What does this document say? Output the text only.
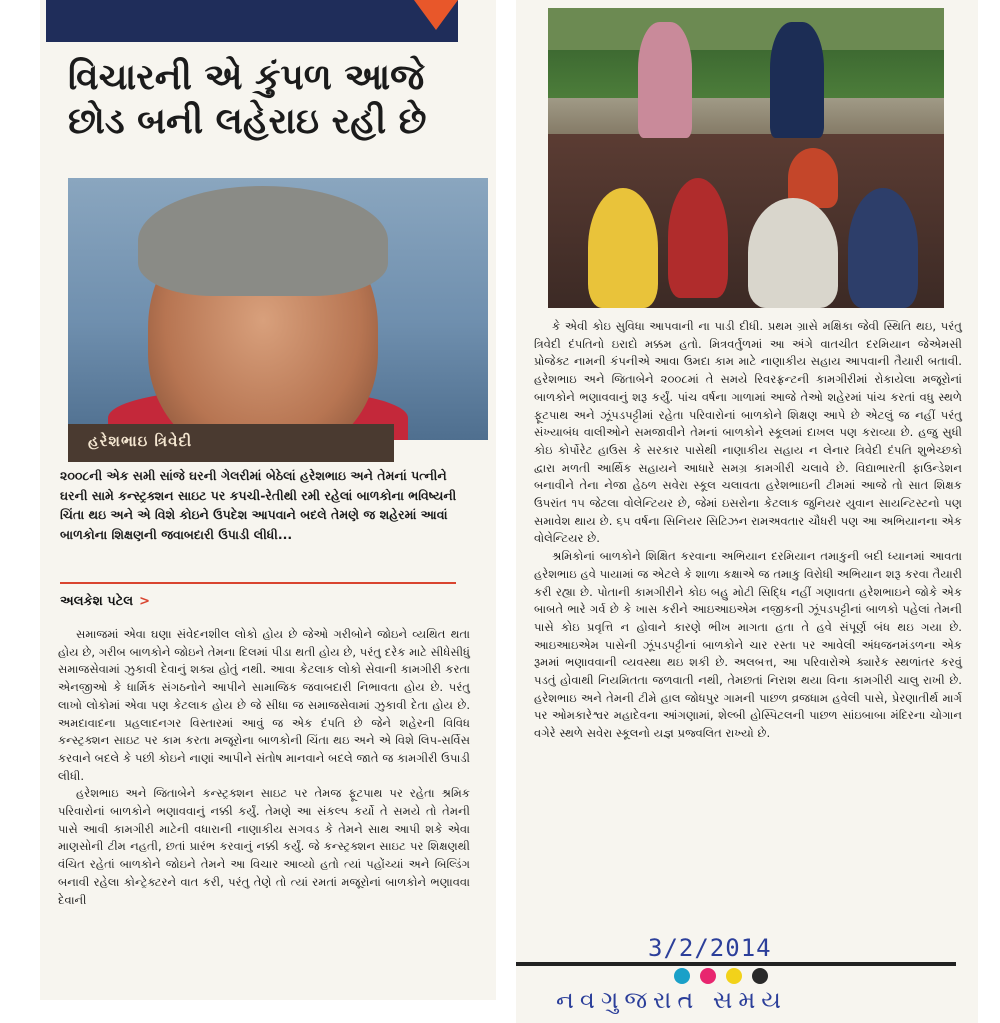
વિચારની એ કુંપળ આજે છોડ બની લહેરાઇ રહી છે
હરેશભાઇ ત્રિવેદી

૨૦૦૮ની એક સમી સાંજે ઘરની ગેલરીમાં બેઠેલાં હરેશભાઇ અને તેમનાં પત્નીને ઘરની સામે કન્સ્ટ્રક્શન સાઇટ પર કપચી-રેતીથી રમી રહેલાં બાળકોના ભવિષ્યની ચિંતા થઇ અને એ વિશે કોઇને ઉપદેશ આપવાને બદલે તેમણે જ શહેરમાં આવાં બાળકોના શિક્ષણની જવાબદારી ઉપાડી લીધી...

અલકેશ પટેલ >

સમાજમાં એવા ઘણા સંવેદનશીલ લોકો હોય છે જેઓ ગરીબોને જોઇને વ્યથિત થતા હોય છે, ગરીબ બાળકોને જોઇને તેમના દિલમાં પીડા થતી હોય છે, પરંતુ દરેક માટે સીધેસીધું સમાજસેવામાં ઝુકાવી દેવાનું શક્ય હોતું નથી. આવા કેટલાક લોકો સેવાની કામગીરી કરતા એનજીઓ કે ધાર્મિક સંગઠનોને આપીને સામાજિક જવાબદારી નિભાવતા હોય છે. પરંતુ લાખો લોકોમાં એવા પણ કેટલાક હોય છે જે સીધા જ સમાજસેવામાં ઝુકાવી દેતા હોય છે. અમદાવાદના પ્રહલાદનગર વિસ્તારમાં આવું જ એક દંપતિ છે જેને શહેરની વિવિધ કન્સ્ટ્રક્શન સાઇટ પર કામ કરતા મજૂરોના બાળકોની ચિંતા થઇ અને એ વિશે લિપ-સર્વિસ કરવાને બદલે કે પછી કોઇને નાણાં આપીને સંતોષ માનવાને બદલે જાતે જ કામગીરી ઉપાડી લીધી.

હરેશભાઇ અને જિતાબેને કન્સ્ટ્રક્શન સાઇટ પર તેમજ ફૂટપાથ પર રહેતા શ્રમિક પરિવારોનાં બાળકોને ભણાવવાનું નક્કી કર્યું. તેમણે આ સંકલ્પ કર્યો તે સમયે તો તેમની પાસે આવી કામગીરી માટેની વધારાની નાણાકીય સગવડ કે તેમને સાથ આપી શકે એવા માણસોની ટીમ નહતી, છતાં પ્રારંભ કરવાનું નક્કી કર્યું. જે કન્સ્ટ્રક્શન સાઇટ પર શિક્ષણથી વંચિત રહેતાં બાળકોને જોઇને તેમને આ વિચાર આવ્યો હતો ત્યાં પહોંચ્યાં અને બિલ્ડિંગ બનાવી રહેલા કોન્ટ્રેક્ટરને વાત કરી, પરંતુ તેણે તો ત્યાં રમતાં મજૂરોનાં બાળકોને ભણાવવા દેવાની

કે એવી કોઇ સુવિધા આપવાની ના પાડી દીધી. પ્રથમ ગ્રાસે મક્ષિકા જેવી સ્થિતિ થઇ, પરંતુ ત્રિવેદી દંપતિનો ઇરાદો મક્કમ હતો. મિત્રવર્તુળમાં આ અંગે વાતચીત દરમિયાન જેએમસી પ્રોજેક્ટ નામની કંપનીએ આવા ઉમદા કામ માટે નાણાકીય સહાય આપવાની તૈયારી બતાવી. હરેશભાઇ અને જિતાબેને ૨૦૦૮માં તે સમયે રિવરફ્રન્ટની કામગીરીમાં રોકાયેલા મજૂરોનાં બાળકોને ભણાવવાનું શરૂ કર્યું. પાંચ વર્ષના ગાળામાં આજે તેઓ શહેરમાં પાંચ કરતાં વધુ સ્થળે ફૂટપાથ અને ઝૂંપડપટ્ટીમાં રહેતા પરિવારોનાં બાળકોને શિક્ષણ આપે છે એટલું જ નહીં પરંતુ સંખ્યાબંધ વાલીઓને સમજાવીને તેમનાં બાળકોને સ્કૂલમાં દાખલ પણ કરાવ્યા છે. હજુ સુધી કોઇ કોર્પોરેટ હાઉસ કે સરકાર પાસેથી નાણાકીય સહાય ન લેનાર ત્રિવેદી દંપતિ શુભેચ્છકો દ્વારા મળતી આર્થિક સહાયને આધારે સમગ્ર કામગીરી ચલાવે છે. વિદ્યાભારતી ફાઉન્ડેશન બનાવીને તેના નેજા હેઠળ સવેરા સ્કૂલ ચલાવતા હરેશભાઇની ટીમમાં આજે તો સાત શિક્ષક ઉપરાંત ૧૫ જેટલા વોલેન્ટિયર છે, જેમાં ઇસરોના કેટલાક જુનિયર યુવાન સાયન્ટિસ્ટનો પણ સમાવેશ થાય છે. ૬૫ વર્ષના સિનિયર સિટિઝન રામઅવતાર ચૌધરી પણ આ અભિયાનના એક વોલેન્ટિયર છે.

શ્રમિકોનાં બાળકોને શિક્ષિત કરવાના અભિયાન દરમિયાન તમાકુની બદી ધ્યાનમાં આવતા હરેશભાઇ હવે પાયામાં જ એટલે કે શાળા કક્ષાએ જ તમાકુ વિરોધી અભિયાન શરૂ કરવા તૈયારી કરી રહ્યા છે. પોતાની કામગીરીને કોઇ બહુ મોટી સિદ્ધિ નહીં ગણાવતા હરેશભાઇને જોકે એક બાબતે ભારે ગર્વ છે કે ખાસ કરીને આઇઆઇએમ નજીકની ઝૂંપડપટ્ટીનાં બાળકો પહેલાં તેમની પાસે કોઇ પ્રવૃત્તિ ન હોવાને કારણે ભીખ માગતા હતા તે હવે સંપૂર્ણ બંધ થઇ ગયા છે. આઇઆઇએમ પાસેની ઝૂંપડપટ્ટીનાં બાળકોને ચાર રસ્તા પર આવેલી અંધજનમંડળના એક રૂમમાં ભણાવવાની વ્યવસ્થા થઇ શકી છે. અલબત્ત, આ પરિવારોએ ક્યારેક સ્થળાંતર કરવું પડતું હોવાથી નિયમિતતા જળવાતી નથી, તેમછતાં નિરાશ થયા વિના કામગીરી ચાલુ રાખી છે. હરેશભાઇ અને તેમની ટીમે હાલ જોધપુર ગામની પાછળ વ્રજધામ હવેલી પાસે, પ્રેરણાતીર્થ માર્ગ પર ઓમકારેશ્વર મહાદેવના આંગણામાં, શેલ્બી હોસ્પિટલની પાછળ સાંઇબાબા મંદિરના ચોગાન વગેરે સ્થળે સવેરા સ્કૂલનો યજ્ઞ પ્રજ્વલિત રાખ્યો છે.

3/2/2014
નવગુજરાત સમય
